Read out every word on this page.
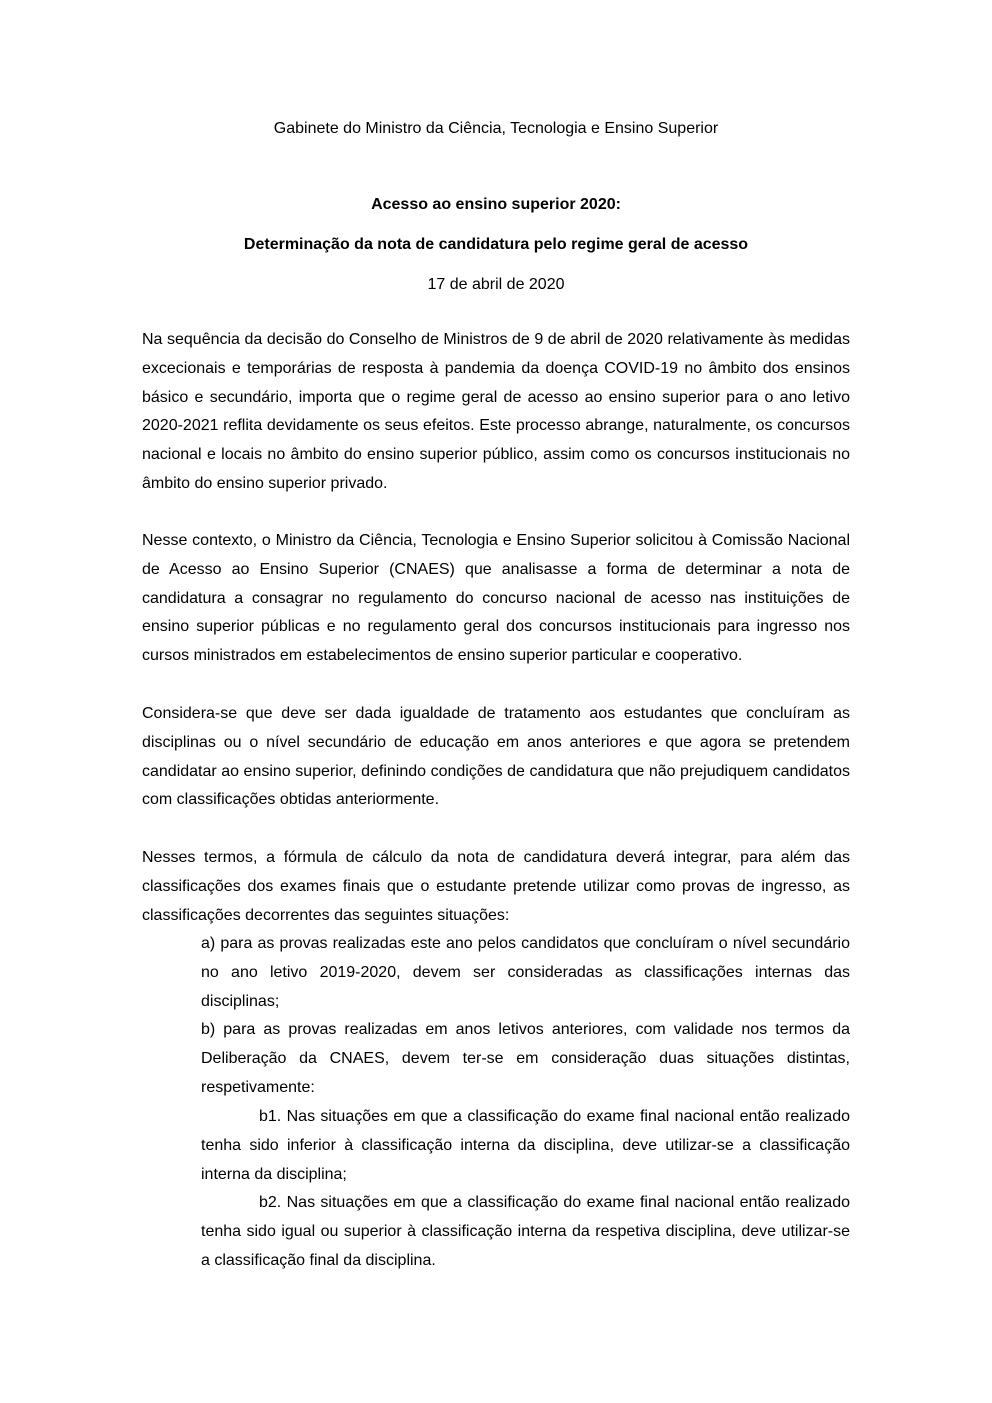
Gabinete do Ministro da Ciência, Tecnologia e Ensino Superior
Acesso ao ensino superior 2020:
Determinação da nota de candidatura pelo regime geral de acesso
17 de abril de 2020

Na sequência da decisão do Conselho de Ministros de 9 de abril de 2020 relativamente às medidas excecionais e temporárias de resposta à pandemia da doença COVID-19 no âmbito dos ensinos básico e secundário, importa que o regime geral de acesso ao ensino superior para o ano letivo 2020-2021 reflita devidamente os seus efeitos. Este processo abrange, naturalmente, os concursos nacional e locais no âmbito do ensino superior público, assim como os concursos institucionais no âmbito do ensino superior privado.

Nesse contexto, o Ministro da Ciência, Tecnologia e Ensino Superior solicitou à Comissão Nacional de Acesso ao Ensino Superior (CNAES) que analisasse a forma de determinar a nota de candidatura a consagrar no regulamento do concurso nacional de acesso nas instituições de ensino superior públicas e no regulamento geral dos concursos institucionais para ingresso nos cursos ministrados em estabelecimentos de ensino superior particular e cooperativo.

Considera-se que deve ser dada igualdade de tratamento aos estudantes que concluíram as disciplinas ou o nível secundário de educação em anos anteriores e que agora se pretendem candidatar ao ensino superior, definindo condições de candidatura que não prejudiquem candidatos com classificações obtidas anteriormente.

Nesses termos, a fórmula de cálculo da nota de candidatura deverá integrar, para além das classificações dos exames finais que o estudante pretende utilizar como provas de ingresso, as classificações decorrentes das seguintes situações:

a) para as provas realizadas este ano pelos candidatos que concluíram o nível secundário no ano letivo 2019-2020, devem ser consideradas as classificações internas das disciplinas;

b) para as provas realizadas em anos letivos anteriores, com validade nos termos da Deliberação da CNAES, devem ter-se em consideração duas situações distintas, respetivamente:

b1. Nas situações em que a classificação do exame final nacional então realizado tenha sido inferior à classificação interna da disciplina, deve utilizar-se a classificação interna da disciplina;

b2. Nas situações em que a classificação do exame final nacional então realizado tenha sido igual ou superior à classificação interna da respetiva disciplina, deve utilizar-se a classificação final da disciplina.
